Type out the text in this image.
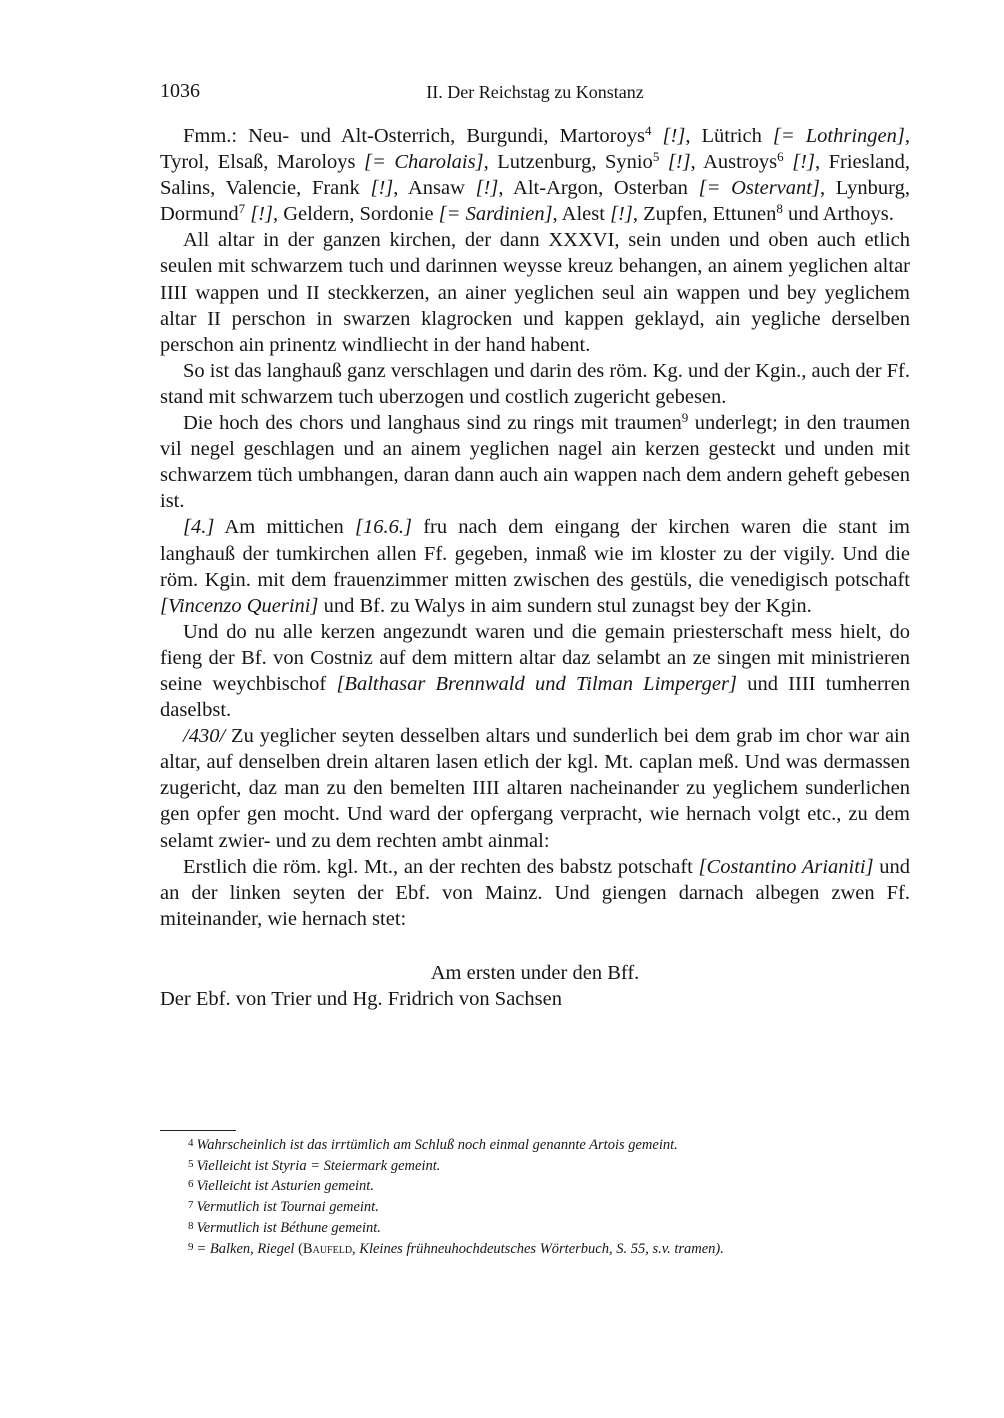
1036	II. Der Reichstag zu Konstanz

Fmm.: Neu- und Alt-Osterrich, Burgundi, Martoroys$^4$ [!], Lütrich [= Lothringen], Tyrol, Elsaß, Maroloys [= Charolais], Lutzenburg, Synio$^5$ [!], Austroys$^6$ [!], Friesland, Salins, Valencie, Frank [!], Ansaw [!], Alt-Argon, Osterban [= Ostervant], Lynburg, Dormund$^7$ [!], Geldern, Sordonie [= Sardinien], Alest [!], Zupfen, Ettunen$^8$ und Arthoys.

All altar in der ganzen kirchen, der dann XXXVI, sein unden und oben auch etlich seulen mit schwarzem tuch und darinnen weysse kreuz behangen, an ainem yeglichen altar IIII wappen und II steckkerzen, an ainer yeglichen seul ain wappen und bey yeglichem altar II perschon in swarzen klagrocken und kappen geklayd, ain yegliche derselben perschon ain prinentz windliecht in der hand habent.

So ist das langhauß ganz verschlagen und darin des röm. Kg. und der Kgin., auch der Ff. stand mit schwarzem tuch uberzogen und costlich zugericht gebesen.

Die hoch des chors und langhaus sind zu rings mit traumen$^9$ underlegt; in den traumen vil negel geschlagen und an ainem yeglichen nagel ain kerzen gesteckt und unden mit schwarzem tüch umbhangen, daran dann auch ain wappen nach dem andern geheft gebesen ist.

[4.] Am mittichen [16.6.] fru nach dem eingang der kirchen waren die stant im langhauß der tumkirchen allen Ff. gegeben, inmaß wie im kloster zu der vigily. Und die röm. Kgin. mit dem frauenzimmer mitten zwischen des gestüls, die venedigisch potschaft [Vincenzo Querini] und Bf. zu Walys in aim sundern stul zunagst bey der Kgin.

Und do nu alle kerzen angezundt waren und die gemain priesterschaft mess hielt, do fieng der Bf. von Costniz auf dem mittern altar daz selambt an ze singen mit ministrieren seine weychbischof [Balthasar Brennwald und Tilman Limperger] und IIII tumherren daselbst.

/430/ Zu yeglicher seyten desselben altars und sunderlich bei dem grab im chor war ain altar, auf denselben drein altaren lasen etlich der kgl. Mt. caplan meß. Und was dermassen zugericht, daz man zu den bemelten IIII altaren nacheinander zu yeglichem sunderlichen gen opfer gen mocht. Und ward der opfergang verpracht, wie hernach volgt etc., zu dem selamt zwier- und zu dem rechten ambt ainmal:

Erstlich die röm. kgl. Mt., an der rechten des babstz potschaft [Costantino Arianiti] und an der linken seyten der Ebf. von Mainz. Und giengen darnach albegen zwen Ff. miteinander, wie hernach stet:

Am ersten under den Bff.

Der Ebf. von Trier und Hg. Fridrich von Sachsen

$^4$ Wahrscheinlich ist das irrtümlich am Schluß noch einmal genannte Artois gemeint.
$^5$ Vielleicht ist Styria = Steiermark gemeint.
$^6$ Vielleicht ist Asturien gemeint.
$^7$ Vermutlich ist Tournai gemeint.
$^8$ Vermutlich ist Béthune gemeint.
$^9$ = Balken, Riegel (Baufeld, Kleines frühneuhochdeutsches Wörterbuch, S. 55, s.v. tramen).
